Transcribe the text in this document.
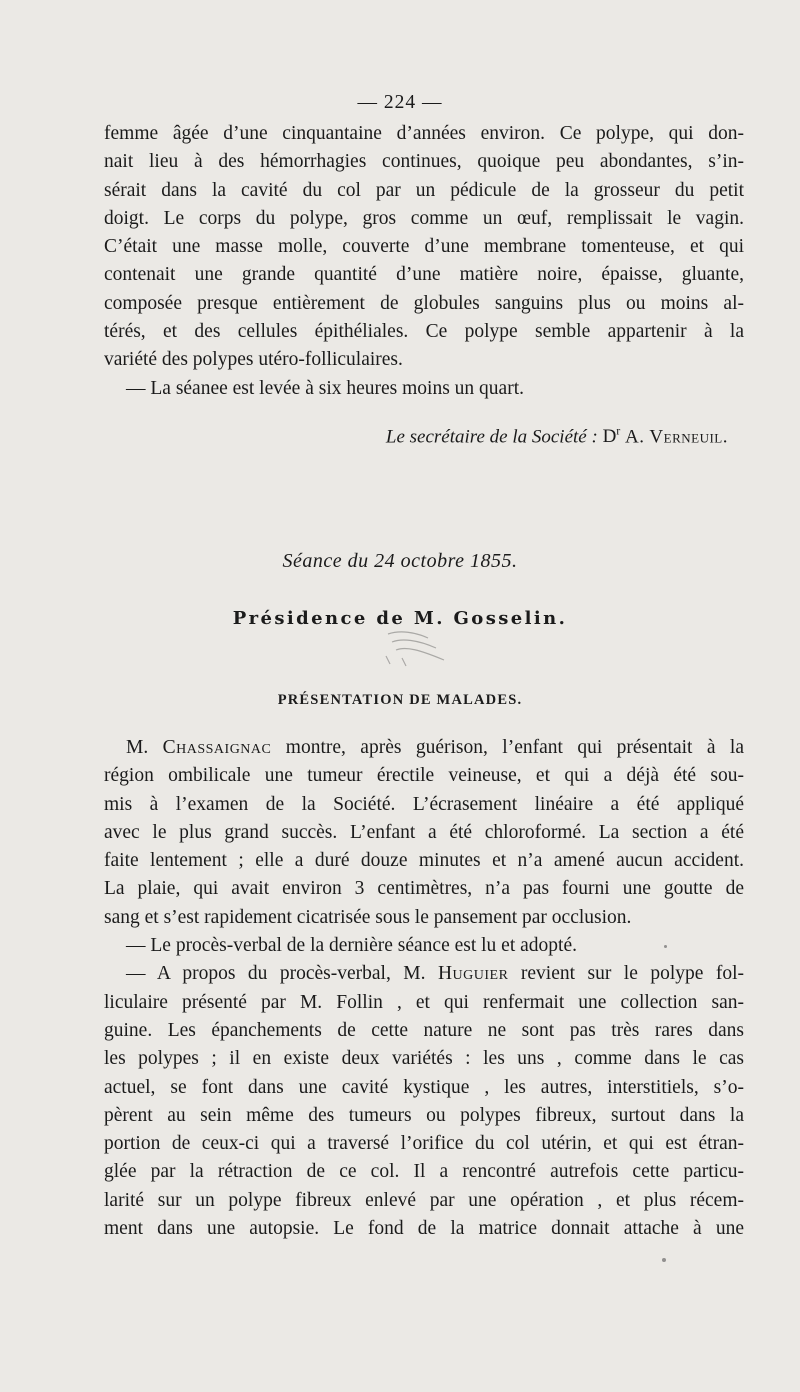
— 224 —
femme âgée d’une cinquantaine d’années environ. Ce polype, qui don-
nait lieu à des hémorrhagies continues, quoique peu abondantes, s’in-
sérait dans la cavité du col par un pédicule de la grosseur du petit
doigt. Le corps du polype, gros comme un œuf, remplissait le vagin.
C’était une masse molle, couverte d’une membrane tomenteuse, et qui
contenait une grande quantité d’une matière noire, épaisse, gluante,
composée presque entièrement de globules sanguins plus ou moins al-
térés, et des cellules épithéliales. Ce polype semble appartenir à la
variété des polypes utéro-folliculaires.
— La séanee est levée à six heures moins un quart.
Le secrétaire de la Société : $D^r$ A. Verneuil.
Séance du 24 octobre 1855.
Présidence de M. Gosselin.
PRÉSENTATION DE MALADES.
M. Chassaignac montre, après guérison, l’enfant qui présentait à la
région ombilicale une tumeur érectile veineuse, et qui a déjà été sou-
mis à l’examen de la Société. L’écrasement linéaire a été appliqué
avec le plus grand succès. L’enfant a été chloroformé. La section a été
faite lentement ; elle a duré douze minutes et n’a amené aucun accident.
La plaie, qui avait environ 3 centimètres, n’a pas fourni une goutte de
sang et s’est rapidement cicatrisée sous le pansement par occlusion.
— Le procès-verbal de la dernière séance est lu et adopté.
— A propos du procès-verbal, M. Huguier revient sur le polype fol-
liculaire présenté par M. Follin , et qui renfermait une collection san-
guine. Les épanchements de cette nature ne sont pas très rares dans
les polypes ; il en existe deux variétés : les uns , comme dans le cas
actuel, se font dans une cavité kystique , les autres, interstitiels, s’o-
pèrent au sein même des tumeurs ou polypes fibreux, surtout dans la
portion de ceux-ci qui a traversé l’orifice du col utérin, et qui est étran-
glée par la rétraction de ce col. Il a rencontré autrefois cette particu-
larité sur un polype fibreux enlevé par une opération , et plus récem-
ment dans une autopsie. Le fond de la matrice donnait attache à une
